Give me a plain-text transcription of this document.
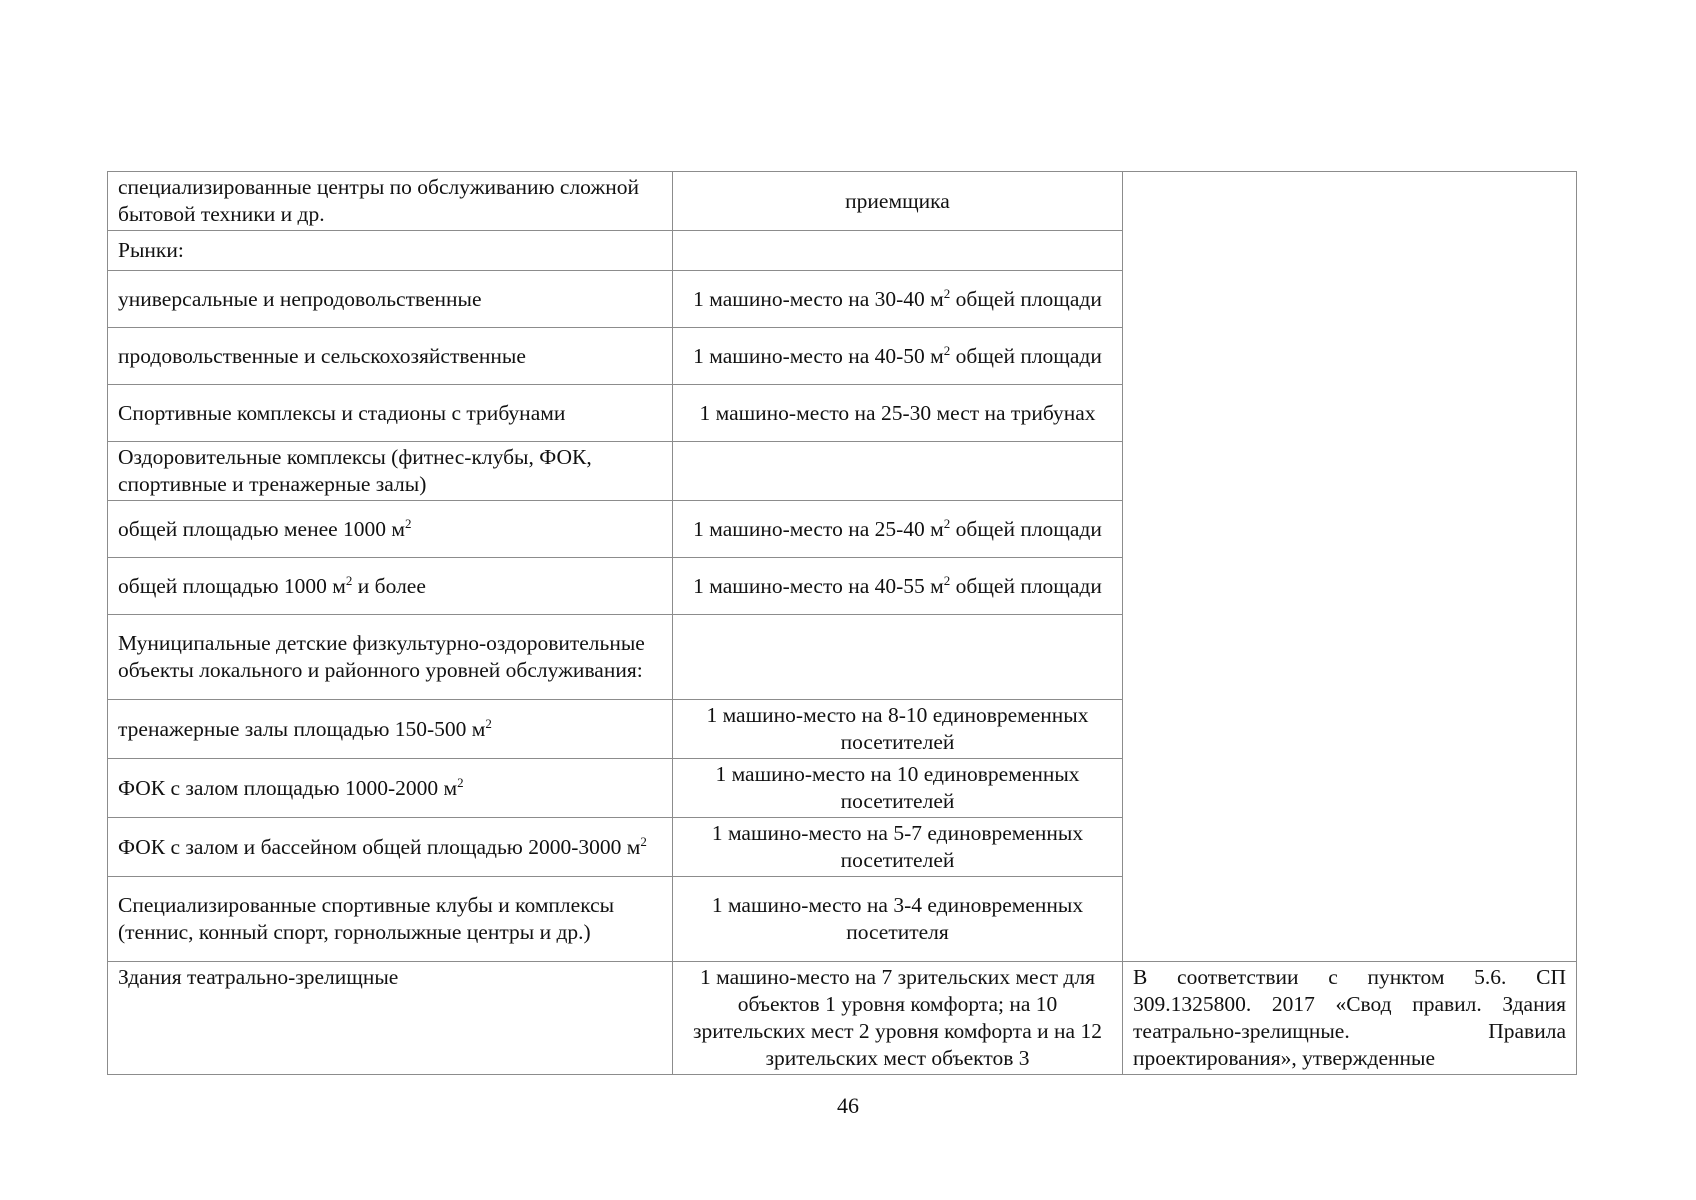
специализированные центры по обслуживанию сложной бытовой техники и др.	приемщика	
Рынки:		
универсальные и непродовольственные	1 машино-место на 30-40 $м^2$ общей площади	
продовольственные и сельскохозяйственные	1 машино-место на 40-50 $м^2$ общей площади	
Спортивные комплексы и стадионы с трибунами	1 машино-место на 25-30 мест на трибунах	
Оздоровительные комплексы (фитнес-клубы, ФОК, спортивные и тренажерные залы)		
общей площадью менее 1000 $м^2$	1 машино-место на 25-40 $м^2$ общей площади	
общей площадью 1000 $м^2$ и более	1 машино-место на 40-55 $м^2$ общей площади	
Муниципальные детские физкультурно-оздоровительные объекты локального и районного уровней обслуживания:		
тренажерные залы площадью 150-500 $м^2$	1 машино-место на 8-10 единовременных посетителей	
ФОК с залом площадью 1000-2000 $м^2$	1 машино-место на 10 единовременных посетителей	
ФОК с залом и бассейном общей площадью 2000-3000 $м^2$	1 машино-место на 5-7 единовременных посетителей	
Специализированные спортивные клубы и комплексы (теннис, конный спорт, горнолыжные центры и др.)	1 машино-место на 3-4 единовременных посетителя	
Здания театрально-зрелищные	1 машино-место на 7 зрительских мест для объектов 1 уровня комфорта; на 10 зрительских мест 2 уровня комфорта и на 12 зрительских мест объектов 3	В соответствии с пунктом 5.6. СП 309.1325800. 2017 «Свод правил. Здания театрально-зрелищные. Правила проектирования», утвержденные
46
